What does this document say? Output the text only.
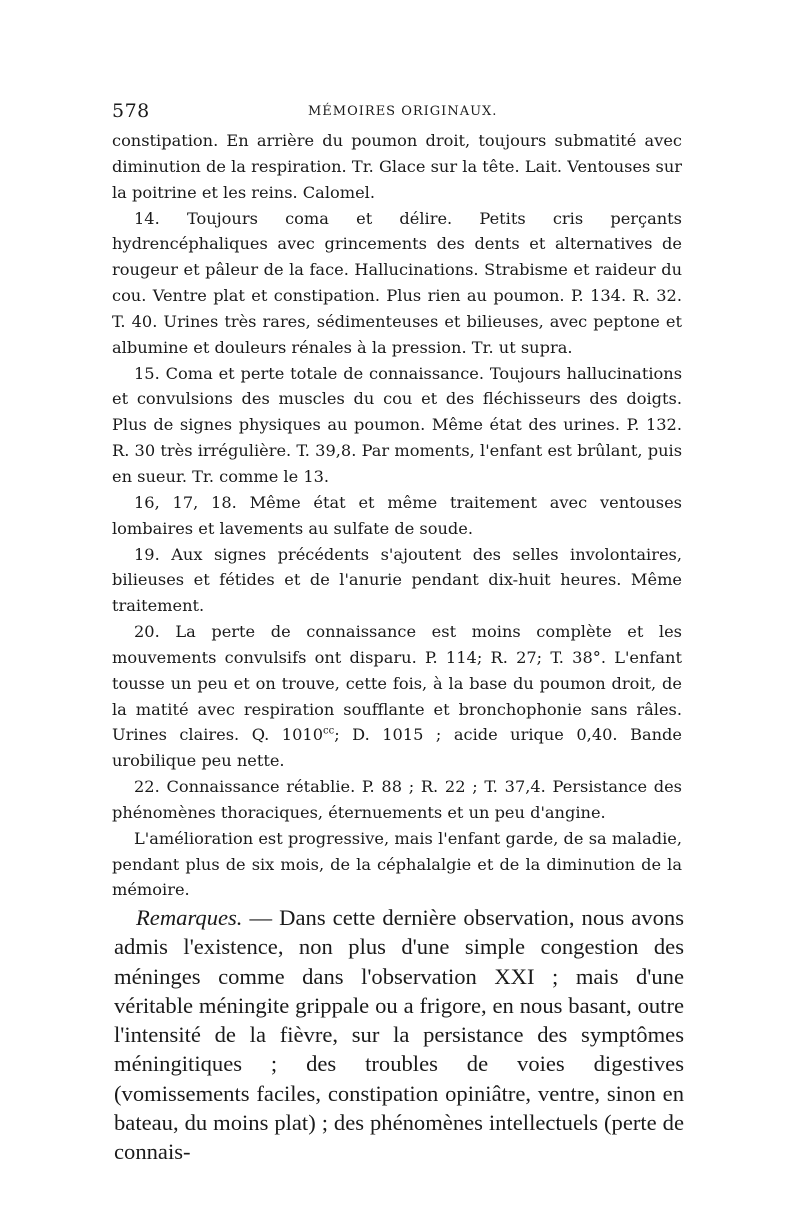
578	MÉMOIRES ORIGINAUX.

constipation. En arrière du poumon droit, toujours submatité avec diminution de la respiration. Tr. Glace sur la tête. Lait. Ventouses sur la poitrine et les reins. Calomel.

14. Toujours coma et délire. Petits cris perçants hydrencéphaliques avec grincements des dents et alternatives de rougeur et pâleur de la face. Hallucinations. Strabisme et raideur du cou. Ventre plat et constipation. Plus rien au poumon. P. 134. R. 32. T. 40. Urines très rares, sédimenteuses et bilieuses, avec peptone et albumine et douleurs rénales à la pression. Tr. ut supra.

15. Coma et perte totale de connaissance. Toujours hallucinations et convulsions des muscles du cou et des fléchisseurs des doigts. Plus de signes physiques au poumon. Même état des urines. P. 132. R. 30 très irrégulière. T. 39,8. Par moments, l'enfant est brûlant, puis en sueur. Tr. comme le 13.

16, 17, 18. Même état et même traitement avec ventouses lombaires et lavements au sulfate de soude.

19. Aux signes précédents s'ajoutent des selles involontaires, bilieuses et fétides et de l'anurie pendant dix-huit heures. Même traitement.

20. La perte de connaissance est moins complète et les mouvements convulsifs ont disparu. P. 114; R. 27; T. 38°. L'enfant tousse un peu et on trouve, cette fois, à la base du poumon droit, de la matité avec respiration soufflante et bronchophonie sans râles. Urines claires. Q. $1010^{cc}$; D. 1015 ; acide urique 0,40. Bande urobilique peu nette.

22. Connaissance rétablie. P. 88 ; R. 22 ; T. 37,4. Persistance des phénomènes thoraciques, éternuements et un peu d'angine.

L'amélioration est progressive, mais l'enfant garde, de sa maladie, pendant plus de six mois, de la céphalalgie et de la diminution de la mémoire.

Remarques. — Dans cette dernière observation, nous avons admis l'existence, non plus d'une simple congestion des méninges comme dans l'observation XXI ; mais d'une véritable méningite grippale ou a frigore, en nous basant, outre l'intensité de la fièvre, sur la persistance des symptômes méningitiques ; des troubles de voies digestives (vomissements faciles, constipation opiniâtre, ventre, sinon en bateau, du moins plat) ; des phénomènes intellectuels (perte de connais-
